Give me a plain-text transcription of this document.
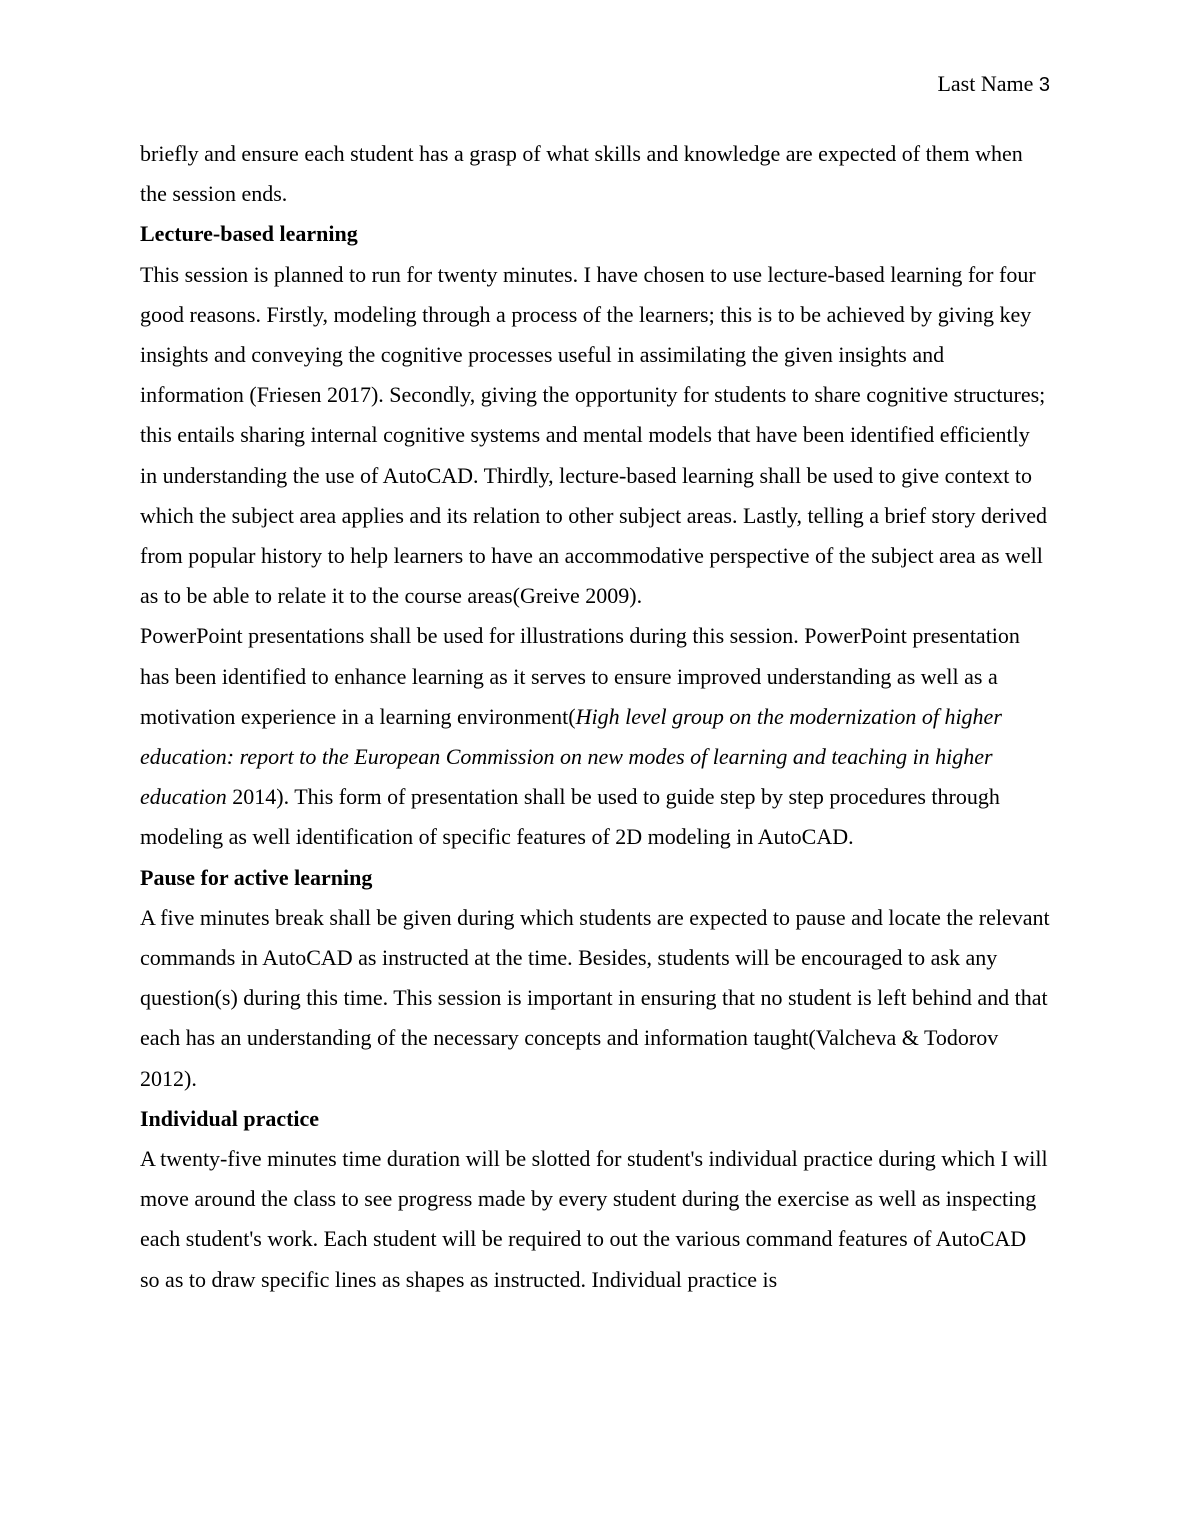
Last Name 3

briefly and ensure each student has a grasp of what skills and knowledge are expected of them when the session ends.

Lecture-based learning

This session is planned to run for twenty minutes. I have chosen to use lecture-based learning for four good reasons. Firstly, modeling through a process of the learners; this is to be achieved by giving key insights and conveying the cognitive processes useful in assimilating the given insights and information (Friesen 2017). Secondly, giving the opportunity for students to share cognitive structures; this entails sharing internal cognitive systems and mental models that have been identified efficiently in understanding the use of AutoCAD. Thirdly, lecture-based learning shall be used to give context to which the subject area applies and its relation to other subject areas. Lastly, telling a brief story derived from popular history to help learners to have an accommodative perspective of the subject area as well as to be able to relate it to the course areas(Greive 2009).

PowerPoint presentations shall be used for illustrations during this session. PowerPoint presentation has been identified to enhance learning as it serves to ensure improved understanding as well as a motivation experience in a learning environment(High level group on the modernization of higher education: report to the European Commission on new modes of learning and teaching in higher education 2014). This form of presentation shall be used to guide step by step procedures through modeling as well identification of specific features of 2D modeling in AutoCAD.

Pause for active learning

A five minutes break shall be given during which students are expected to pause and locate the relevant commands in AutoCAD as instructed at the time. Besides, students will be encouraged to ask any question(s) during this time. This session is important in ensuring that no student is left behind and that each has an understanding of the necessary concepts and information taught(Valcheva & Todorov 2012).

Individual practice

A twenty-five minutes time duration will be slotted for student's individual practice during which I will move around the class to see progress made by every student during the exercise as well as inspecting each student's work. Each student will be required to out the various command features of AutoCAD so as to draw specific lines as shapes as instructed. Individual practice is
